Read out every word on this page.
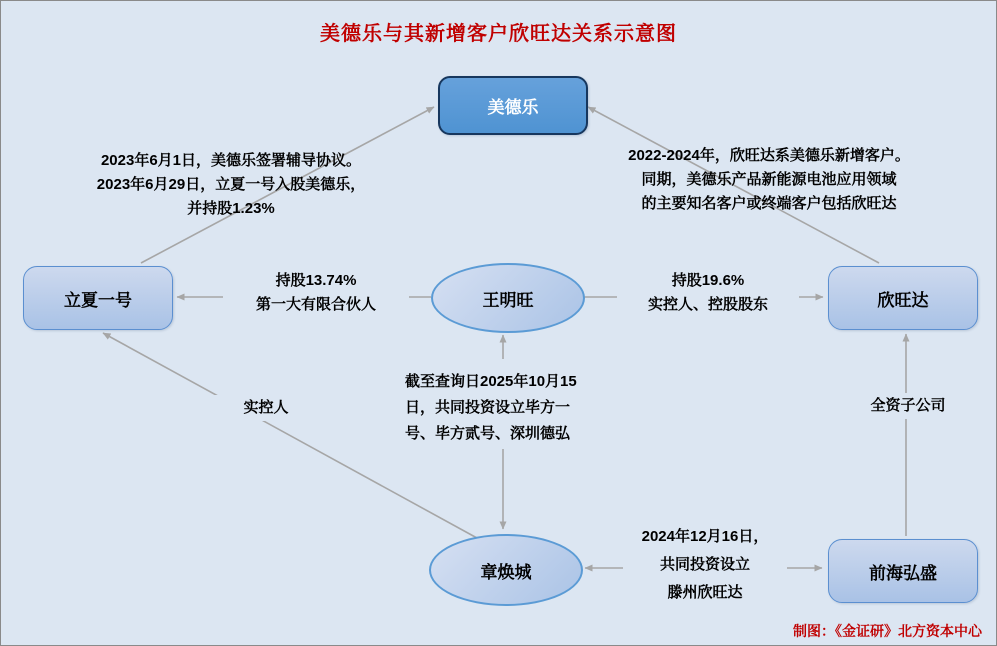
美德乐与其新增客户欣旺达关系示意图
制图：《金证研》北方资本中心
美德乐
立夏一号	王明旺	欣旺达
章焕城	前海弘盛
2023年6月1日，美德乐签署辅导协议。
2023年6月29日，立夏一号入股美德乐，
并持股1.23%
2022-2024年，欣旺达系美德乐新增客户。
同期，美德乐产品新能源电池应用领域
的主要知名客户或终端客户包括欣旺达
持股13.74%
第一大有限合伙人
持股19.6%
实控人、控股股东
截至查询日2025年10月15
日，共同投资设立毕方一
号、毕方贰号、深圳德弘
实控人	全资子公司
2024年12月16日，
共同投资设立
滕州欣旺达
